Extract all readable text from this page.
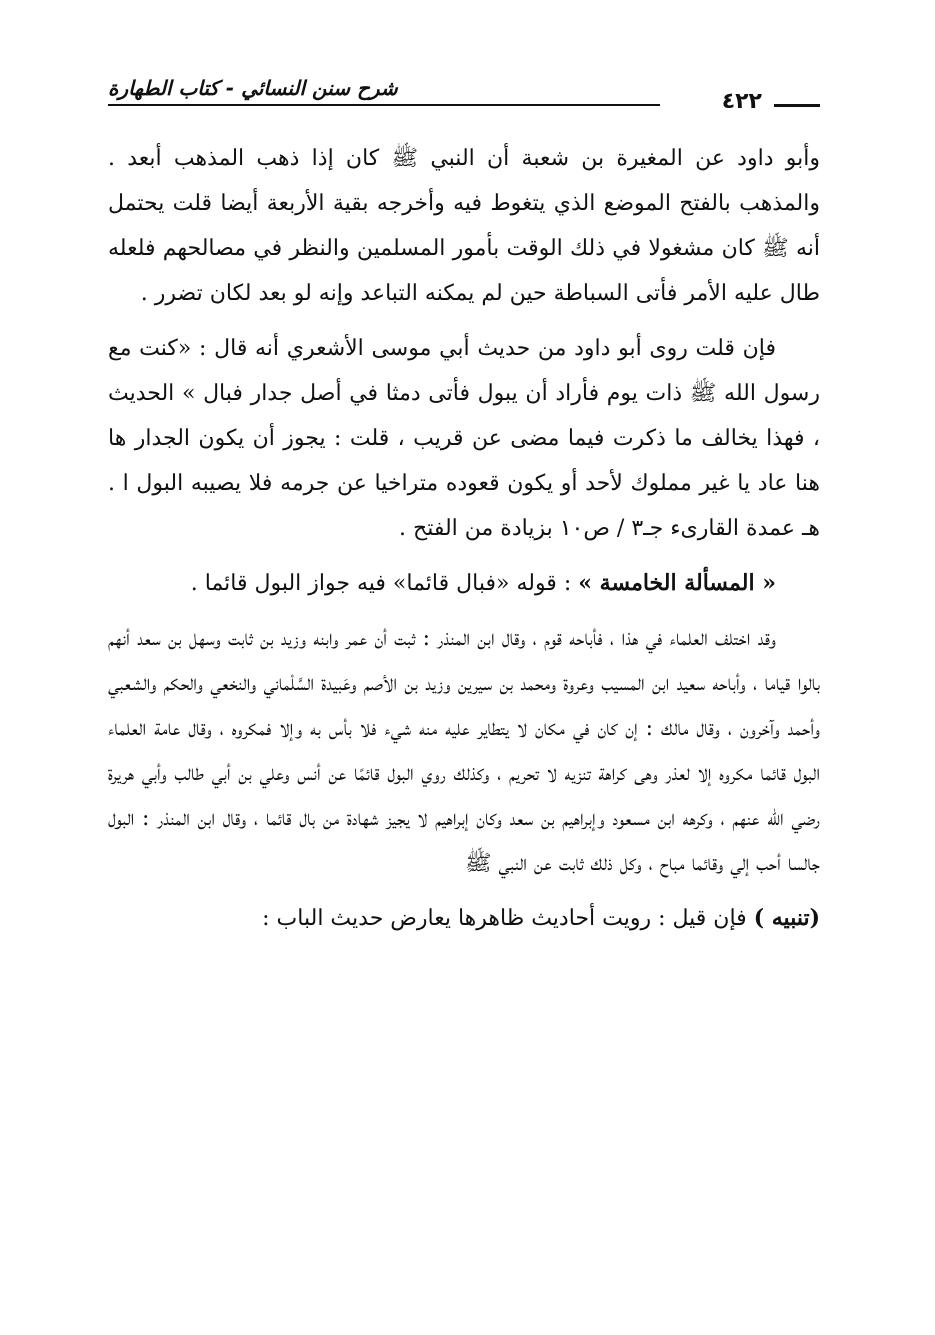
شرح سنن النسائي - كتاب الطهارة
٤٢٢

وأبو داود عن المغيرة بن شعبة أن النبي ﷺ كان إذا ذهب المذهب أبعد . والمذهب بالفتح الموضع الذي يتغوط فيه وأخرجه بقية الأربعة أيضا قلت يحتمل أنه ﷺ كان مشغولا في ذلك الوقت بأمور المسلمين والنظر في مصالحهم فلعله طال عليه الأمر فأتى السباطة حين لم يمكنه التباعد وإنه لو بعد لكان تضرر .

فإن قلت روى أبو داود من حديث أبي موسى الأشعري أنه قال : «كنت مع رسول الله ﷺ ذات يوم فأراد أن يبول فأتى دمثا في أصل جدار فبال » الحديث ، فهذا يخالف ما ذكرت فيما مضى عن قريب ، قلت : يجوز أن يكون الجدار ها هنا عاد يا غير مملوك لأحد أو يكون قعوده متراخيا عن جرمه فلا يصيبه البول ا . هـ عمدة القارىء جـ٣ / ص١٠ بزيادة من الفتح .

« المسألة الخامسة » : قوله «فبال قائما» فيه جواز البول قائما .

وقد اختلف العلماء في هذا ، فأباحه قوم ، وقال ابن المنذر : ثبت أن عمر وابنه وزيد بن ثابت وسهل بن سعد أنهم بالوا قياما ، وأباحه سعيد ابن المسيب وعروة ومحمد بن سيرين وزيد بن الأصم وعَبيدة السَّلْماني والنخعي والحكم والشعبي وأحمد وآخرون ، وقال مالك : إن كان في مكان لا يتطاير عليه منه شيء فلا بأس به وإلا فمكروه ، وقال عامة العلماء البول قائما مكروه إلا لعذر وهى كراهة تنزيه لا تحريم ، وكذلك روي البول قائمًا عن أنس وعلي بن أبي طالب وأبي هريرة رضي الله عنهم ، وكرهه ابن مسعود وإبراهيم بن سعد وكان إبراهيم لا يجيز شهادة من بال قائما ، وقال ابن المنذر : البول جالسا أحب إلي وقائما مباح ، وكل ذلك ثابت عن النبي ﷺ

(تنبيه ) فإن قيل : رويت أحاديث ظاهرها يعارض حديث الباب :
